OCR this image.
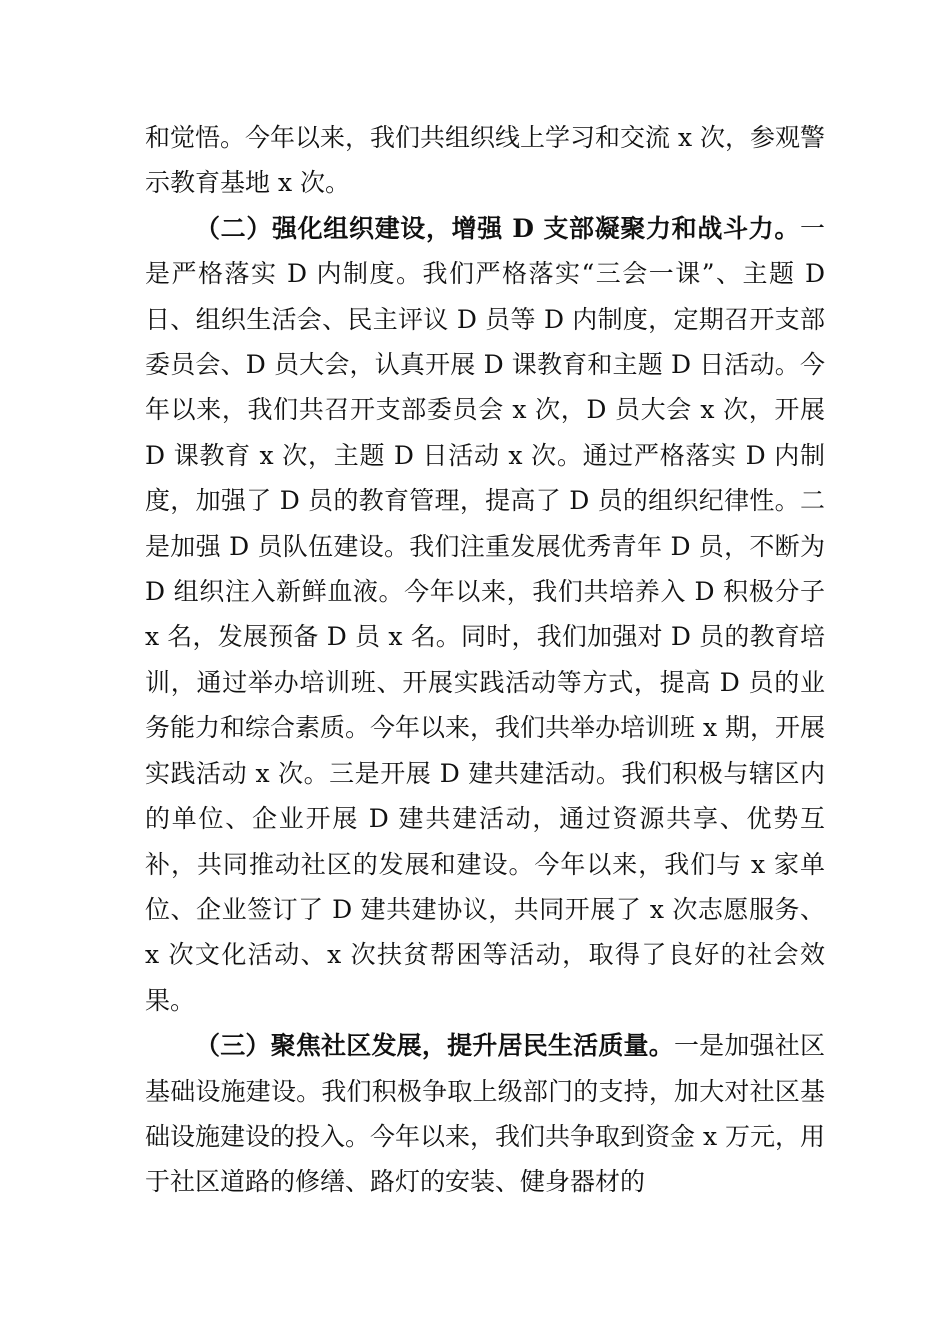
和觉悟。今年以来，我们共组织线上学习和交流 x 次，参观警示教育基地 x 次。

（二）强化组织建设，增强 D 支部凝聚力和战斗力。一是严格落实 D 内制度。我们严格落实“三会一课”、主题 D 日、组织生活会、民主评议 D 员等 D 内制度，定期召开支部委员会、D 员大会，认真开展 D 课教育和主题 D 日活动。今年以来，我们共召开支部委员会 x 次，D 员大会 x 次，开展 D 课教育 x 次，主题 D 日活动 x 次。通过严格落实 D 内制度，加强了 D 员的教育管理，提高了 D 员的组织纪律性。二是加强 D 员队伍建设。我们注重发展优秀青年 D 员，不断为 D 组织注入新鲜血液。今年以来，我们共培养入 D 积极分子 x 名，发展预备 D 员 x 名。同时，我们加强对 D 员的教育培训，通过举办培训班、开展实践活动等方式，提高 D 员的业务能力和综合素质。今年以来，我们共举办培训班 x 期，开展实践活动 x 次。三是开展 D 建共建活动。我们积极与辖区内的单位、企业开展 D 建共建活动，通过资源共享、优势互补，共同推动社区的发展和建设。今年以来，我们与 x 家单位、企业签订了 D 建共建协议，共同开展了 x 次志愿服务、x 次文化活动、x 次扶贫帮困等活动，取得了良好的社会效果。

（三）聚焦社区发展，提升居民生活质量。一是加强社区基础设施建设。我们积极争取上级部门的支持，加大对社区基础设施建设的投入。今年以来，我们共争取到资金 x 万元，用于社区道路的修缮、路灯的安装、健身器材的
